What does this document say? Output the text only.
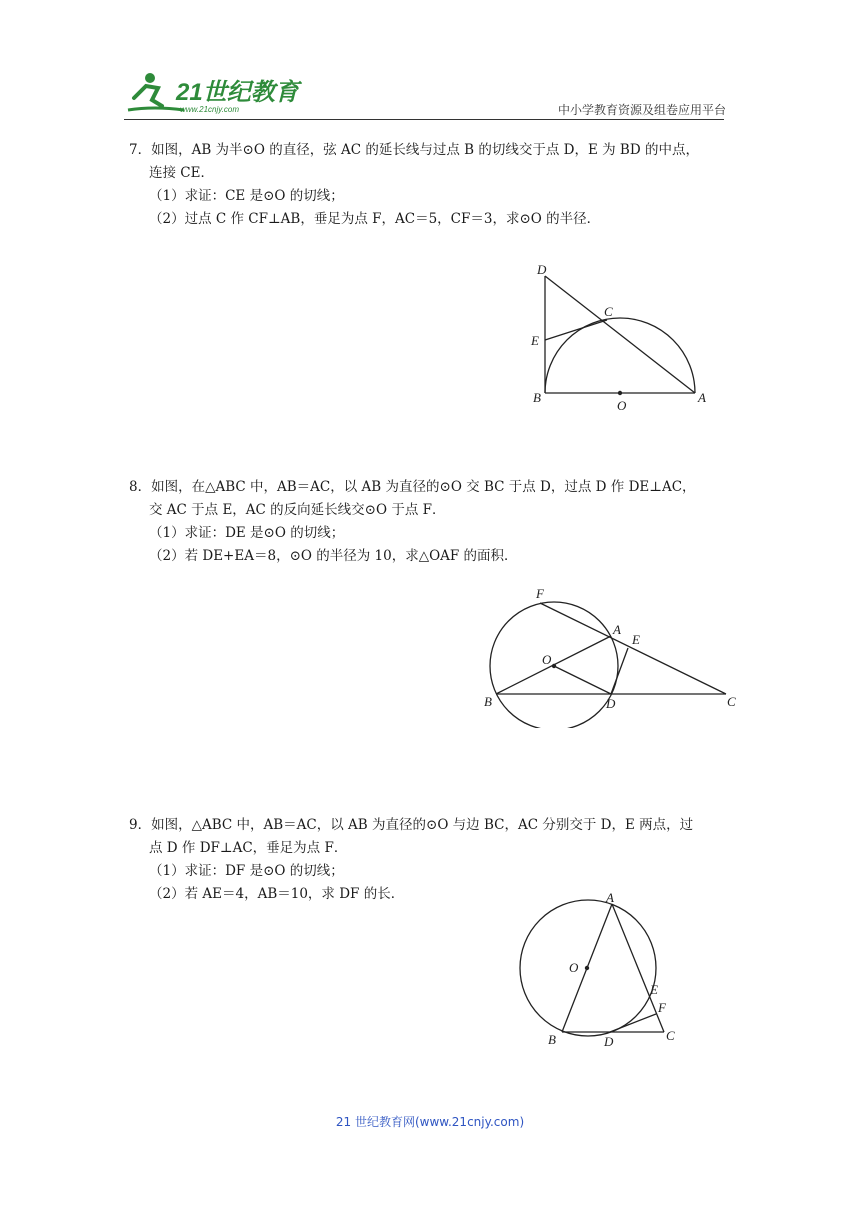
21世纪教育
www.21cnjy.com	中小学教育资源及组卷应用平台

7．如图，AB 为半⊙O 的直径，弦 AC 的延长线与过点 B 的切线交于点 D，E 为 BD 的中点，

连接 CE．

（1）求证：CE 是⊙O 的切线；

（2）过点 C 作 CF⊥AB，垂足为点 F，AC＝5，CF＝3，求⊙O 的半径．

D
C
E
B
O
A

8．如图，在△ABC 中，AB＝AC，以 AB 为直径的⊙O 交 BC 于点 D，过点 D 作 DE⊥AC，

交 AC 于点 E，AC 的反向延长线交⊙O 于点 F．

（1）求证：DE 是⊙O 的切线；

（2）若 DE+EA＝8，⊙O 的半径为 10，求△OAF 的面积．

F
A
E
O
B	D	C

9．如图，△ABC 中，AB＝AC，以 AB 为直径的⊙O 与边 BC，AC 分别交于 D，E 两点，过

点 D 作 DF⊥AC，垂足为点 F．

（1）求证：DF 是⊙O 的切线；

（2）若 AE＝4，AB＝10，求 DF 的长．	A
O
E
F
B	D	C
21 世纪教育网(www.21cnjy.com)
